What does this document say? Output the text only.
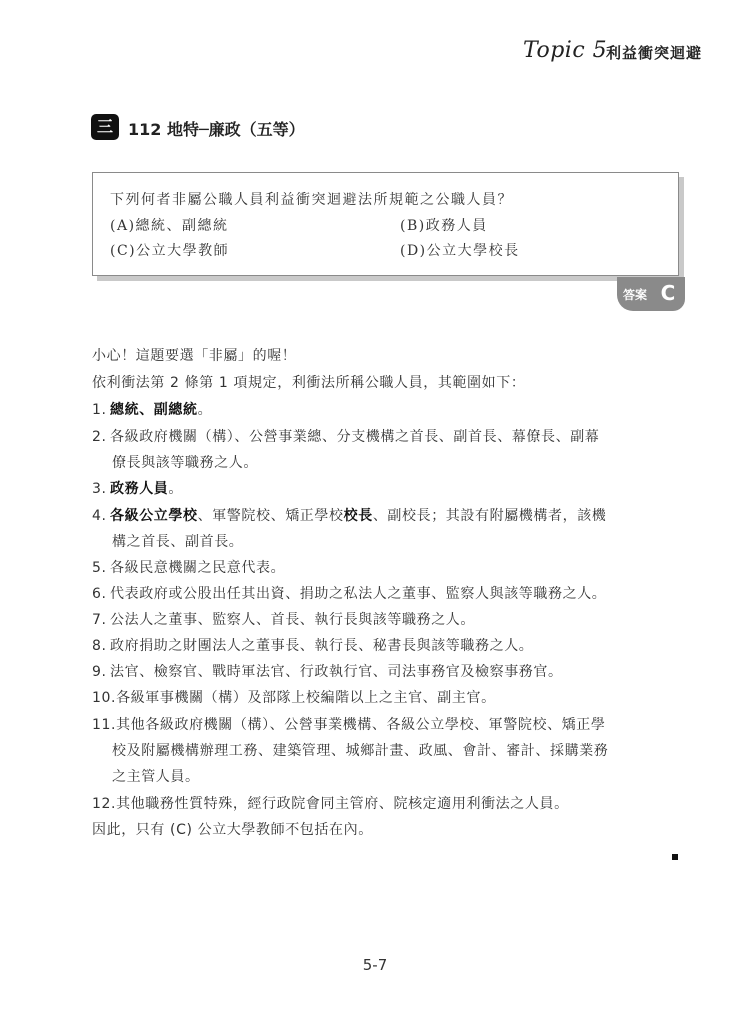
Topic 5
利益衝突迴避
三 112 地特─廉政（五等）
下列何者非屬公職人員利益衝突迴避法所規範之公職人員？
(A)總統、副總統	(B)政務人員
(C)公立大學教師	(D)公立大學校長
答案 C
小心！這題要選「非屬」的喔！
依利衝法第 2 條第 1 項規定，利衝法所稱公職人員，其範圍如下：
1. 總統、副總統。
2. 各級政府機關（構）、公營事業總、分支機構之首長、副首長、幕僚長、副幕
僚長與該等職務之人。
3. 政務人員。
4. 各級公立學校、軍警院校、矯正學校校長、副校長；其設有附屬機構者，該機
構之首長、副首長。
5. 各級民意機關之民意代表。
6. 代表政府或公股出任其出資、捐助之私法人之董事、監察人與該等職務之人。
7. 公法人之董事、監察人、首長、執行長與該等職務之人。
8. 政府捐助之財團法人之董事長、執行長、秘書長與該等職務之人。
9. 法官、檢察官、戰時軍法官、行政執行官、司法事務官及檢察事務官。
10.各級軍事機關（構）及部隊上校編階以上之主官、副主官。
11.其他各級政府機關（構）、公營事業機構、各級公立學校、軍警院校、矯正學
校及附屬機構辦理工務、建築管理、城鄉計畫、政風、會計、審計、採購業務
之主管人員。
12.其他職務性質特殊，經行政院會同主管府、院核定適用利衝法之人員。
因此，只有 (C) 公立大學教師不包括在內。
5-7
